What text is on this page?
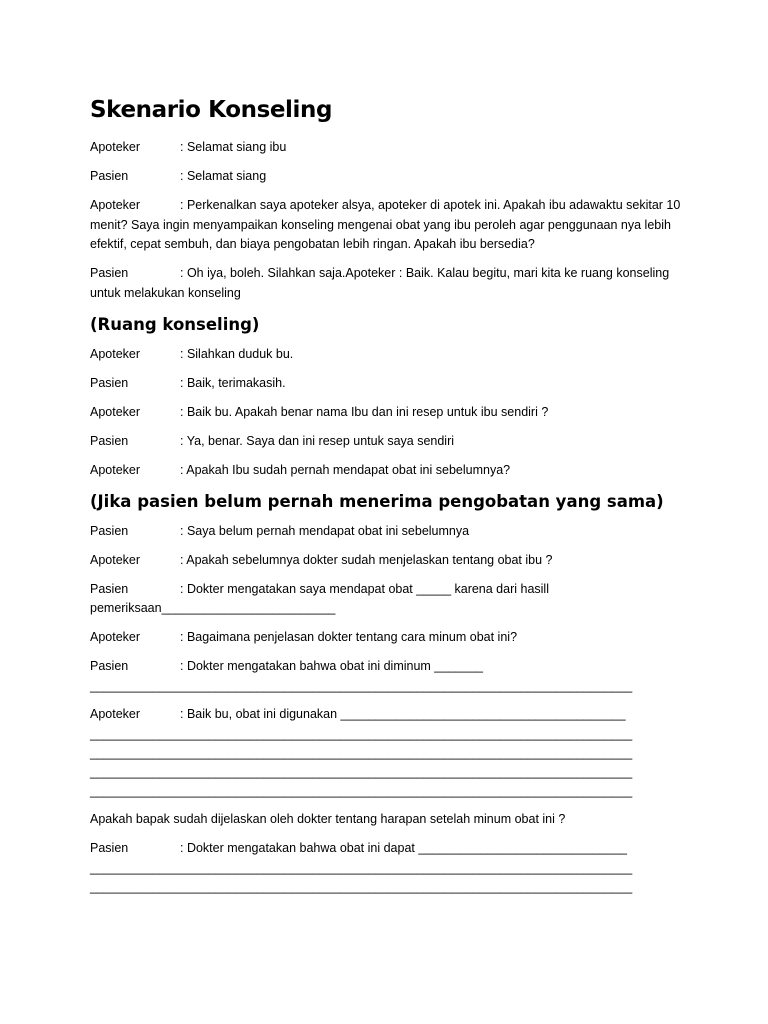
Skenario Konseling

Apoteker	: Selamat siang ibu

Pasien	: Selamat siang

Apoteker	: Perkenalkan saya apoteker alsya, apoteker di apotek ini. Apakah ibu adawaktu sekitar 10 menit? Saya ingin menyampaikan konseling mengenai obat yang ibu peroleh agar penggunaan nya lebih efektif, cepat sembuh, dan biaya pengobatan lebih ringan. Apakah ibu bersedia?

Pasien	: Oh iya, boleh. Silahkan saja.Apoteker : Baik. Kalau begitu, mari kita ke ruang konseling untuk melakukan konseling

(Ruang konseling)

Apoteker	: Silahkan duduk bu.

Pasien	: Baik, terimakasih.

Apoteker	: Baik bu. Apakah benar nama Ibu dan ini resep untuk ibu sendiri ?

Pasien	: Ya, benar. Saya dan ini resep untuk saya sendiri

Apoteker	: Apakah Ibu sudah pernah mendapat obat ini sebelumnya?

(Jika pasien belum pernah menerima pengobatan yang sama)

Pasien	: Saya belum pernah mendapat obat ini sebelumnya

Apoteker	: Apakah sebelumnya dokter sudah menjelaskan tentang obat ibu ?

Pasien	: Dokter mengatakan saya mendapat obat _____ karena dari hasill pemeriksaan_________________________

Apoteker	: Bagaimana penjelasan dokter tentang cara minum obat ini?

Pasien	: Dokter mengatakan bahwa obat ini diminum _______
______________________________________________________________________________
Apoteker	: Baik bu, obat ini digunakan _________________________________________
______________________________________________________________________________
______________________________________________________________________________
______________________________________________________________________________
______________________________________________________________________________

Apakah bapak sudah dijelaskan oleh dokter tentang harapan setelah minum obat ini ?

Pasien	: Dokter mengatakan bahwa obat ini dapat ______________________________
______________________________________________________________________________
______________________________________________________________________________
